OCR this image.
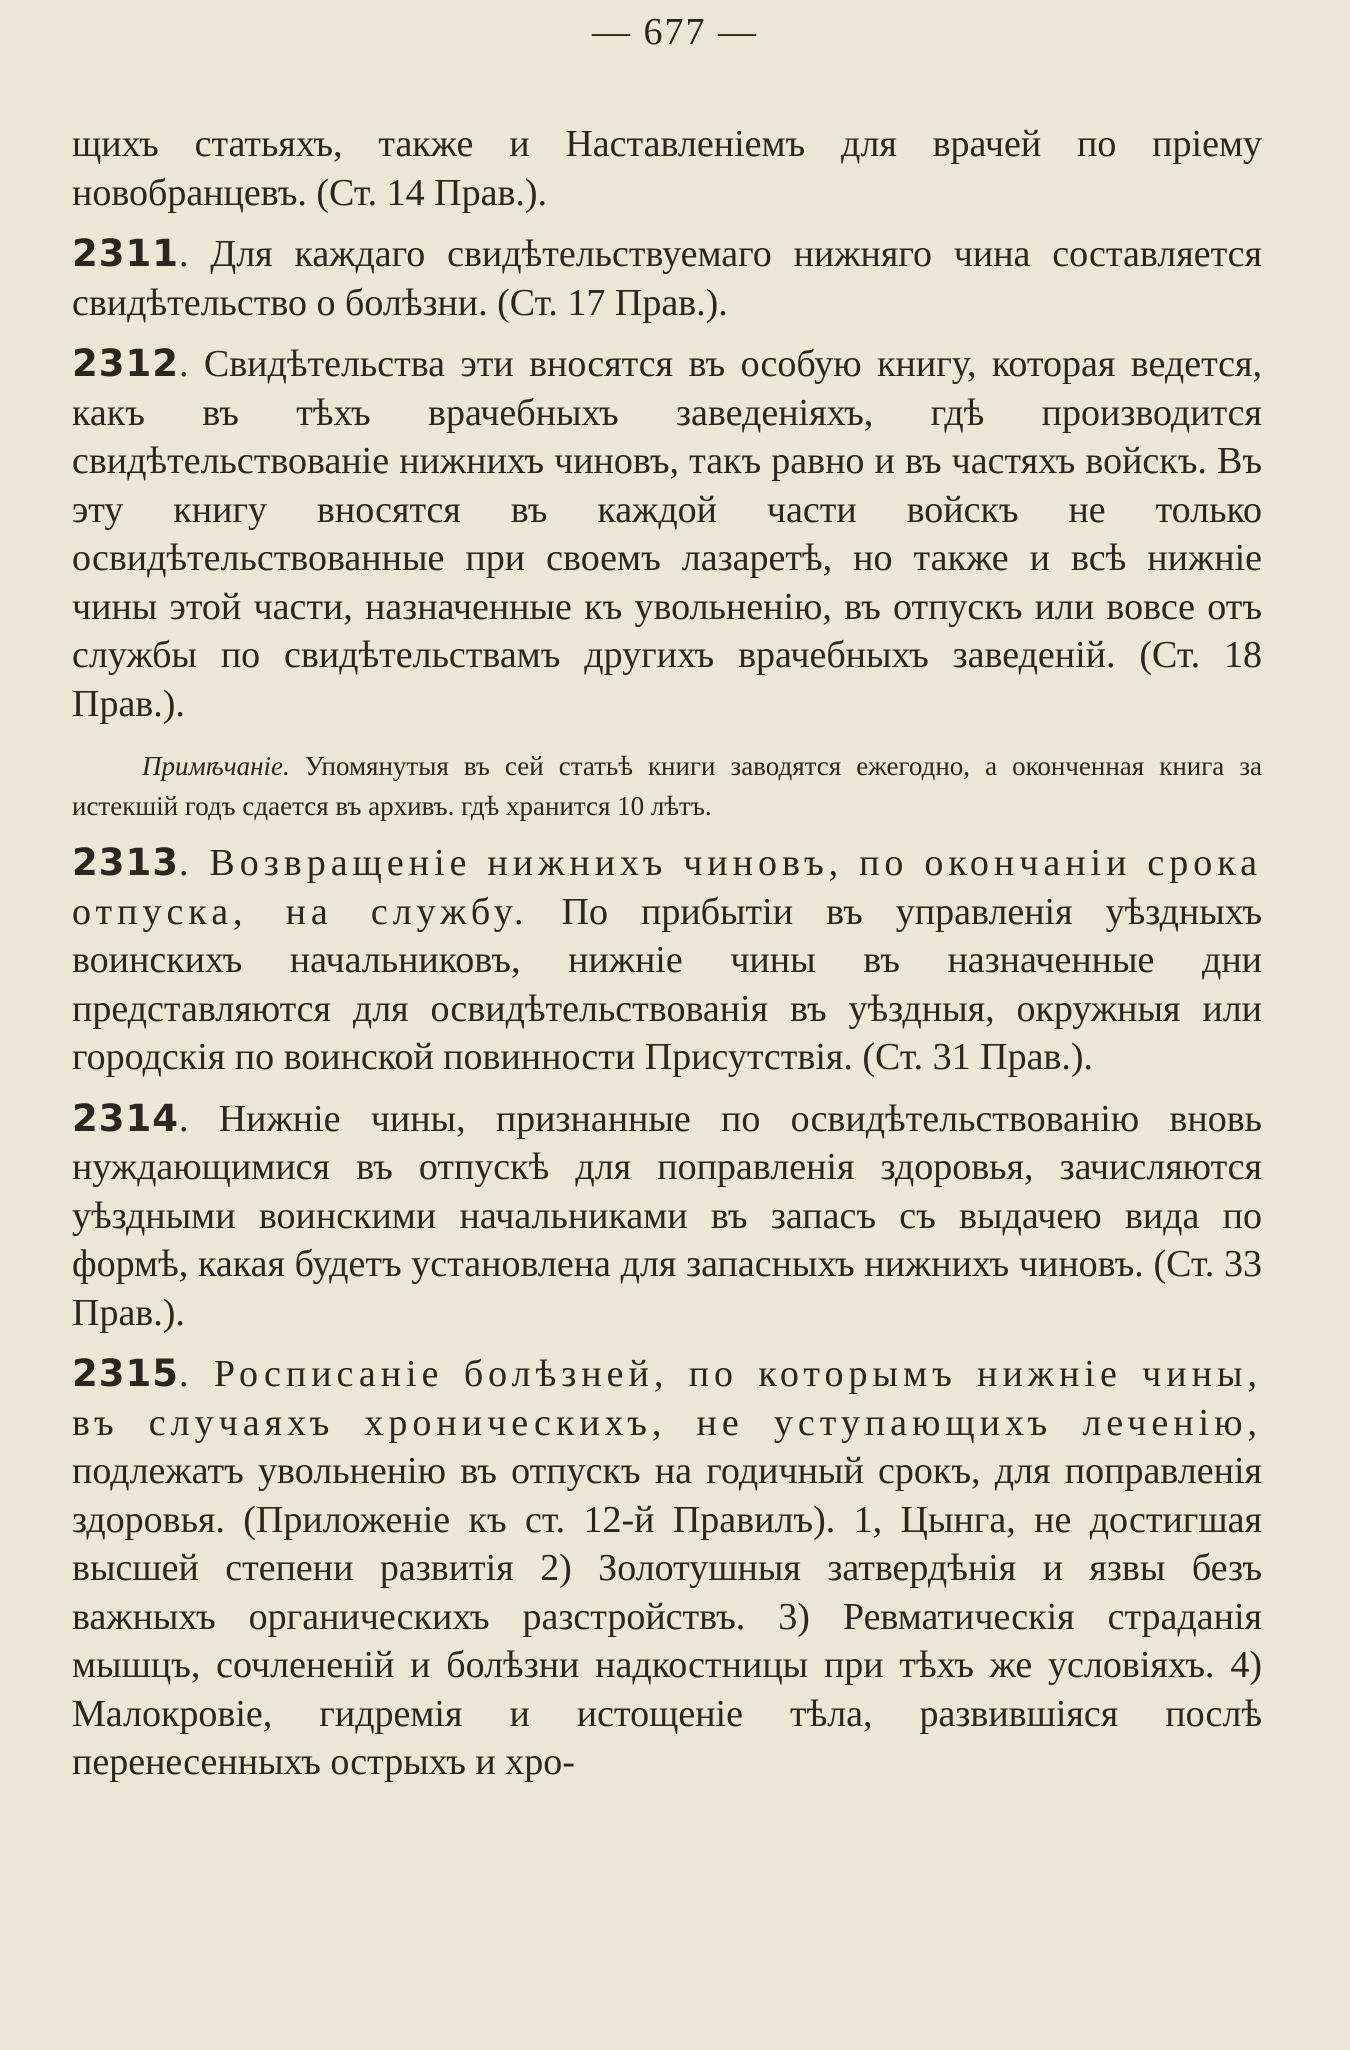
— 677 —

щихъ статьяхъ, также и Наставленіемъ для врачей по пріему новобранцевъ. (Ст. 14 Прав.).

2311. Для каждаго свидѣтельствуемаго нижняго чина составляется свидѣтельство о болѣзни. (Ст. 17 Прав.).

2312. Свидѣтельства эти вносятся въ особую книгу, которая ведется, какъ въ тѣхъ врачебныхъ заведеніяхъ, гдѣ производится свидѣтельствованіе нижнихъ чиновъ, такъ равно и въ частяхъ войскъ. Въ эту книгу вносятся въ каждой части войскъ не только освидѣтельствованные при своемъ лазаретѣ, но также и всѣ нижніе чины этой части, назначенные къ увольненію, въ отпускъ или вовсе отъ службы по свидѣтельствамъ другихъ врачебныхъ заведеній. (Ст. 18 Прав.).

Примѣчаніе. Упомянутыя въ сей статьѣ книги заводятся ежегодно, а оконченная книга за истекшій годъ сдается въ архивъ. гдѣ хранится 10 лѣтъ.

2313. Возвращеніе нижнихъ чиновъ, по окончаніи срока отпуска, на службу. По прибытіи въ управленія уѣздныхъ воинскихъ начальниковъ, нижніе чины въ назначенные дни представляются для освидѣтельствованія въ уѣздныя, окружныя или городскія по воинской повинности Присутствія. (Ст. 31 Прав.).

2314. Нижніе чины, признанные по освидѣтельствованію вновь нуждающимися въ отпускѣ для поправленія здоровья, зачисляются уѣздными воинскими начальниками въ запасъ съ выдачею вида по формѣ, какая будетъ установлена для запасныхъ нижнихъ чиновъ. (Ст. 33 Прав.).

2315. Росписаніе болѣзней, по которымъ нижніе чины, въ случаяхъ хроническихъ, не уступающихъ леченію, подлежатъ увольненію въ отпускъ на годичный срокъ, для поправленія здоровья. (Приложеніе къ ст. 12-й Правилъ). 1, Цынга, не достигшая высшей степени развитія 2) Золотушныя затвердѣнія и язвы безъ важныхъ органическихъ разстройствъ. 3) Ревматическія страданія мышцъ, сочлененій и болѣзни надкостницы при тѣхъ же условіяхъ. 4) Малокровіе, гидремія и истощеніе тѣла, развившіяся послѣ перенесенныхъ острыхъ и хро-
